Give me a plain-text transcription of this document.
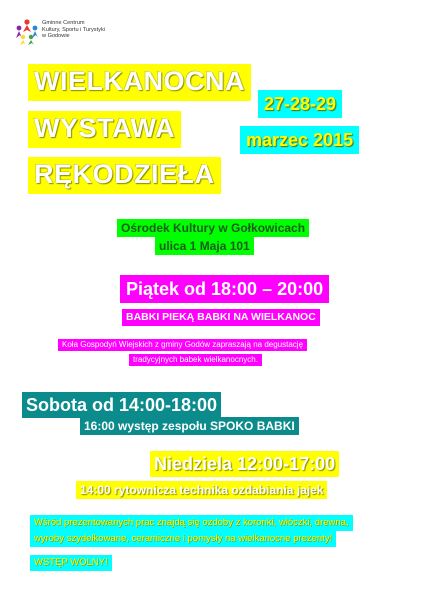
Gminne Centrum
Kultury, Sportu i Turystyki
w Godowie
WIELKANOCNA
WYSTAWA
RĘKODZIEŁA
27-28-29
marzec 2015
Ośrodek Kultury w Gołkowicach
ulica 1 Maja 101
Piątek od 18:00 – 20:00
BABKI PIEKĄ BABKI NA WIELKANOC
Koła Gospodyń Wiejskich z gminy Godów zapraszają na degustację
tradycyjnych babek wielkanocnych.
Sobota od 14:00-18:00
16:00 występ zespołu SPOKO BABKI
Niedziela 12:00-17:00
14:00 rytownicza technika ozdabiania jajek
Wśród prezentowanych prac znajdą się ozdoby z koronki, włóczki, drewna,
wyroby szydełkowane, ceramiczne i pomysły na wielkanocne prezenty!
WSTĘP WOLNY!
